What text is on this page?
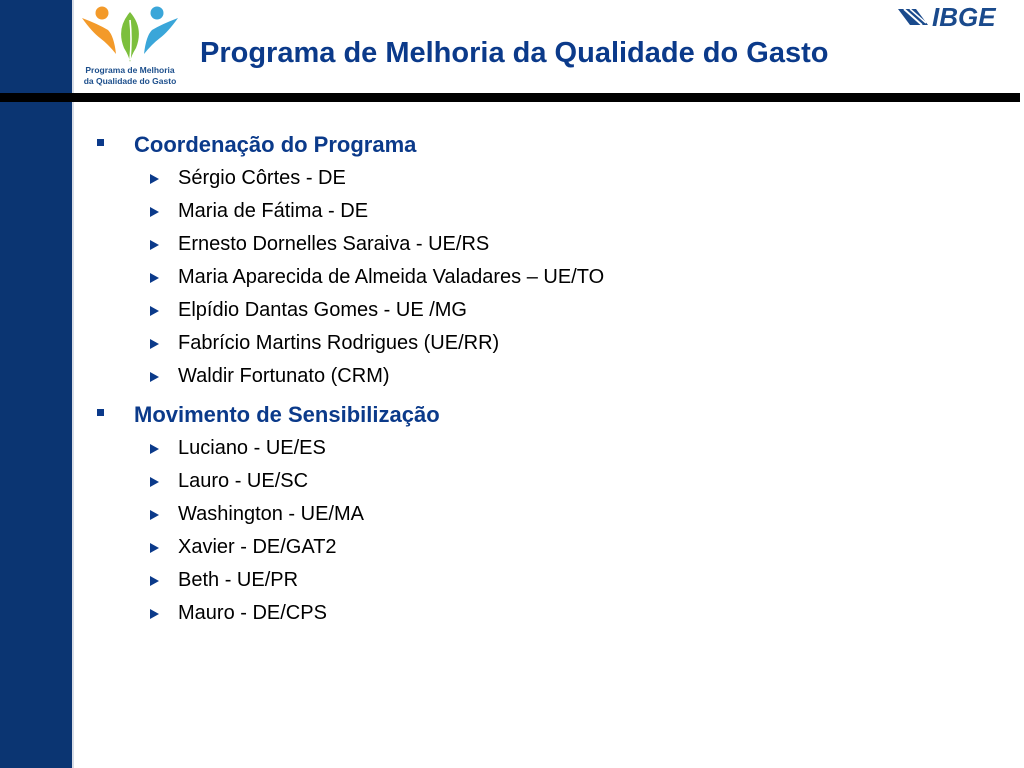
Programa de Melhoria
da Qualidade do Gasto
Programa de Melhoria da Qualidade do Gasto
IBGE
Coordenação do Programa
Sérgio Côrtes - DE
Maria de Fátima - DE
Ernesto Dornelles Saraiva - UE/RS
Maria Aparecida de Almeida Valadares – UE/TO
Elpídio Dantas Gomes - UE /MG
Fabrício Martins Rodrigues (UE/RR)
Waldir Fortunato (CRM)
Movimento de Sensibilização
Luciano - UE/ES
Lauro - UE/SC
Washington - UE/MA
Xavier - DE/GAT2
Beth - UE/PR
Mauro - DE/CPS
